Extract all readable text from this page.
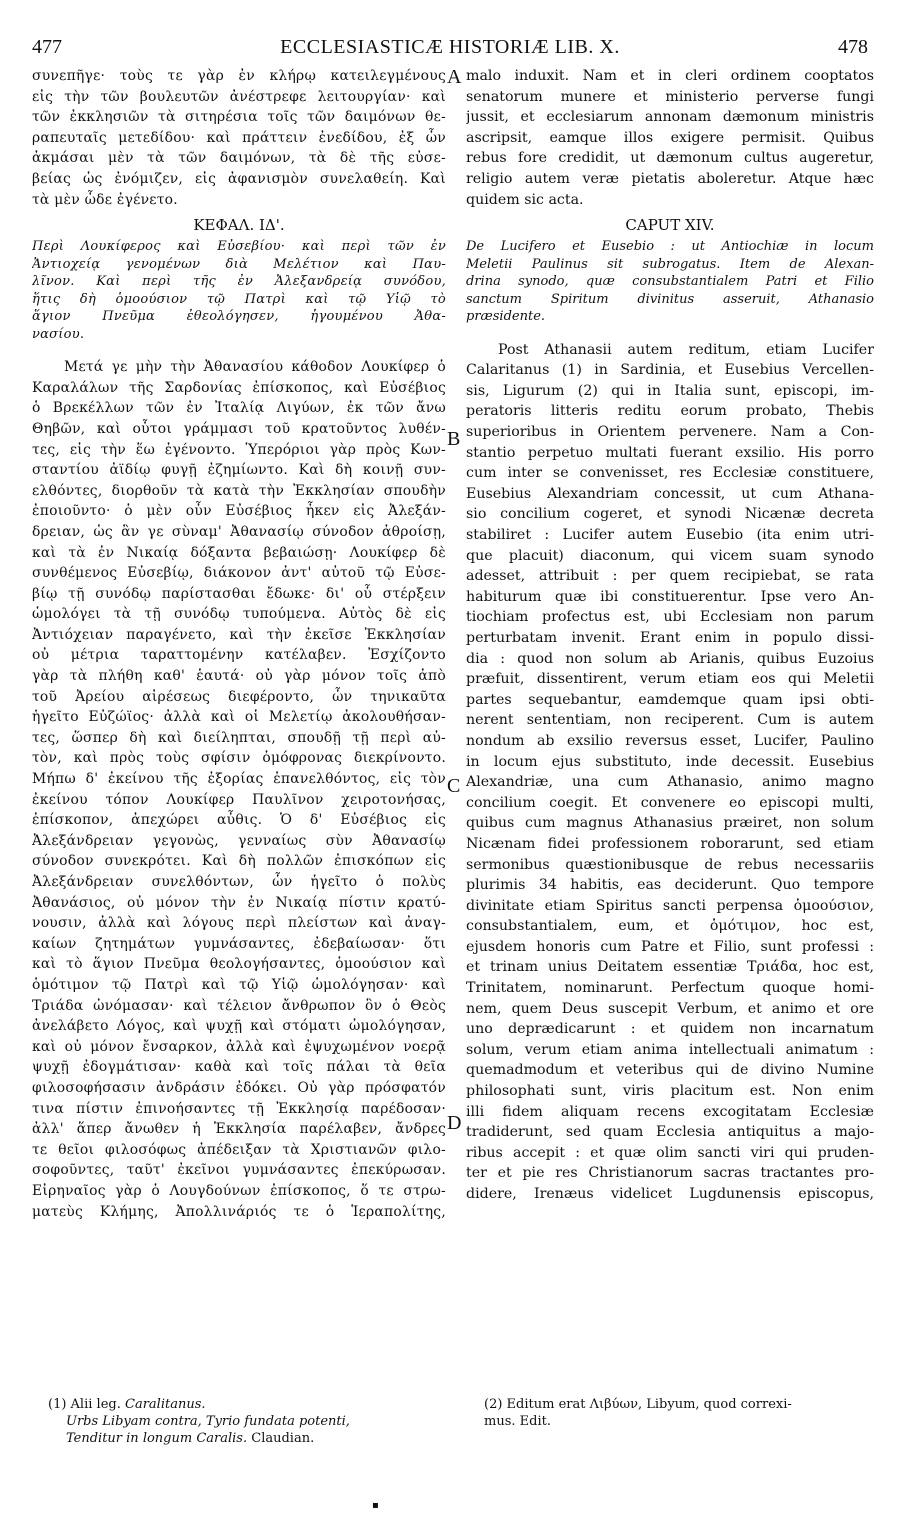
477	ECCLESIASTICÆ HISTORIÆ LIB. X.	478
συνεπῆγε· τοὺς τε γὰρ ἐν κλήρῳ κατειλεγμένους
εἰς τὴν τῶν βουλευτῶν ἀνέστρεφε λειτουργίαν· καὶ
τῶν ἐκκλησιῶν τὰ σιτηρέσια τοῖς τῶν δαιμόνων θε-
ραπευταῖς μετεδίδου· καὶ πράττειν ἐνεδίδου, ἐξ ὧν
ἀκμάσαι μὲν τὰ τῶν δαιμόνων, τὰ δὲ τῆς εὐσε-
βείας ὡς ἐνόμιζεν, εἰς ἀφανισμὸν συνελαθείη. Καὶ
τὰ μὲν ὧδε ἐγένετο.
ΚΕΦΑΛ. ΙΔ'.
Περὶ Λουκίφερος καὶ Εὐσεβίου· καὶ περὶ τῶν ἐν
Ἀντιοχείᾳ γενομένων διὰ Μελέτιον καὶ Παυ-
λῖνον. Καὶ περὶ τῆς ἐν Ἀλεξανδρείᾳ συνόδου,
ἥτις δὴ ὁμοούσιον τῷ Πατρὶ καὶ τῷ Υἱῷ τὸ
ἅγιον Πνεῦμα ἐθεολόγησεν, ἡγουμένου Ἀθα-
νασίου.
Μετά γε μὴν τὴν Ἀθανασίου κάθοδον Λουκίφερ ὁ
Καραλάλων τῆς Σαρδονίας ἐπίσκοπος, καὶ Εὐσέβιος
ὁ Βρεκέλλων τῶν ἐν Ἰταλίᾳ Λιγύων, ἐκ τῶν ἄνω
Θηβῶν, καὶ οὗτοι γράμμασι τοῦ κρατοῦντος λυθέν-
τες, εἰς τὴν ἕω ἐγένοντο. Ὑπερόριοι γὰρ πρὸς Κων-
σταντίου ἀϊδίῳ φυγῇ ἐζημίωντο. Καὶ δὴ κοινῇ συν-
ελθόντες, διορθοῦν τὰ κατὰ τὴν Ἐκκλησίαν σπουδὴν
ἐποιοῦντο· ὁ μὲν οὖν Εὐσέβιος ἧκεν εἰς Ἀλεξάν-
δρειαν, ὡς ἂν γε σὺναμ' Ἀθανασίῳ σύνοδον ἀθροίσῃ,
καὶ τὰ ἐν Νικαίᾳ δόξαντα βεβαιώσῃ· Λουκίφερ δὲ
συνθέμενος Εὐσεβίῳ, διάκονον ἀντ' αὐτοῦ τῷ Εὐσε-
βίῳ τῇ συνόδῳ παρίστασθαι ἔδωκε· δι' οὗ στέρξειν
ὡμολόγει τὰ τῇ συνόδῳ τυπούμενα. Αὐτὸς δὲ εἰς
Ἀντιόχειαν παραγένετο, καὶ τὴν ἐκεῖσε Ἐκκλησίαν
οὐ μέτρια ταραττομένην κατέλαβεν. Ἐσχίζοντο
γὰρ τὰ πλήθη καθ' ἑαυτά· οὐ γὰρ μόνον τοῖς ἀπὸ
τοῦ Ἀρείου αἱρέσεως διεφέροντο, ὧν τηνικαῦτα
ἡγεῖτο Εὐζώϊος· ἀλλὰ καὶ οἱ Μελετίῳ ἀκολουθήσαν-
τες, ὥσπερ δὴ καὶ διείληπται, σπουδῇ τῇ περὶ αὐ-
τὸν, καὶ πρὸς τοὺς σφίσιν ὁμόφρονας διεκρίνοντο.
Μήπω δ' ἐκείνου τῆς ἐξορίας ἐπανελθόντος, εἰς τὸν
ἐκείνου τόπον Λουκίφερ Παυλῖνον χειροτονήσας,
ἐπίσκοπον, ἀπεχώρει αὖθις. Ὁ δ' Εὐσέβιος εἰς
Ἀλεξάνδρειαν γεγονὼς, γενναίως σὺν Ἀθανασίῳ
σύνοδον συνεκρότει. Καὶ δὴ πολλῶν ἐπισκόπων εἰς
Ἀλεξάνδρειαν συνελθόντων, ὧν ἡγεῖτο ὁ πολὺς
Ἀθανάσιος, οὐ μόνον τὴν ἐν Νικαίᾳ πίστιν κρατύ-
νουσιν, ἀλλὰ καὶ λόγους περὶ πλείστων καὶ ἀναγ-
καίων ζητημάτων γυμνάσαντες, ἐδεβαίωσαν· ὅτι
καὶ τὸ ἅγιον Πνεῦμα θεολογήσαντες, ὁμοούσιον καὶ
ὁμότιμον τῷ Πατρὶ καὶ τῷ Υἱῷ ὡμολόγησαν· καὶ
Τριάδα ὠνόμασαν· καὶ τέλειον ἄνθρωπον ὃν ὁ Θεὸς
ἀνελάβετο Λόγος, καὶ ψυχῇ καὶ στόματι ὡμολόγησαν,
καὶ οὐ μόνον ἔνσαρκον, ἀλλὰ καὶ ἐψυχωμένον νοερᾷ
ψυχῇ ἐδογμάτισαν· καθὰ καὶ τοῖς πάλαι τὰ θεῖα
φιλοσοφήσασιν ἀνδράσιν ἐδόκει. Οὐ γὰρ πρόσφατόν
τινα πίστιν ἐπινοήσαντες τῇ Ἐκκλησίᾳ παρέδοσαν·
ἀλλ' ἅπερ ἄνωθεν ἡ Ἐκκλησία παρέλαβεν, ἄνδρες
τε θεῖοι φιλοσόφως ἀπέδειξαν τὰ Χριστιανῶν φιλο-
σοφοῦντες, ταῦτ' ἐκεῖνοι γυμνάσαντες ἐπεκύρωσαν.
Εἰρηναῖος γὰρ ὁ Λουγδούνων ἐπίσκοπος, ὅ τε στρω-
ματεὺς Κλήμης, Ἀπολλινάριός τε ὁ Ἱεραπολίτης,
malo induxit. Nam et in cleri ordinem cooptatos
senatorum munere et ministerio perverse fungi
jussit, et ecclesiarum annonam dæmonum ministris
ascripsit, eamque illos exigere permisit. Quibus
rebus fore credidit, ut dæmonum cultus augeretur,
religio autem veræ pietatis aboleretur. Atque hæc
quidem sic acta.
CAPUT XIV.
De Lucifero et Eusebio : ut Antiochiæ in locum
Meletii Paulinus sit subrogatus. Item de Alexan-
drina synodo, quæ consubstantialem Patri et Filio
sanctum Spiritum divinitus asseruit, Athanasio
præsidente.
Post Athanasii autem reditum, etiam Lucifer
Calaritanus (1) in Sardinia, et Eusebius Vercellen-
sis, Ligurum (2) qui in Italia sunt, episcopi, im-
peratoris litteris reditu eorum probato, Thebis
superioribus in Orientem pervenere. Nam a Con-
stantio perpetuo multati fuerant exsilio. His porro
cum inter se convenisset, res Ecclesiæ constituere,
Eusebius Alexandriam concessit, ut cum Athana-
sio concilium cogeret, et synodi Nicænæ decreta
stabiliret : Lucifer autem Eusebio (ita enim utri-
que placuit) diaconum, qui vicem suam synodo
adesset, attribuit : per quem recipiebat, se rata
habiturum quæ ibi constituerentur. Ipse vero An-
tiochiam profectus est, ubi Ecclesiam non parum
perturbatam invenit. Erant enim in populo dissi-
dia : quod non solum ab Arianis, quibus Euzoius
præfuit, dissentirent, verum etiam eos qui Meletii
partes sequebantur, eamdemque quam ipsi obti-
nerent sententiam, non reciperent. Cum is autem
nondum ab exsilio reversus esset, Lucifer, Paulino
in locum ejus substituto, inde decessit. Eusebius
Alexandriæ, una cum Athanasio, animo magno
concilium coegit. Et convenere eo episcopi multi,
quibus cum magnus Athanasius præiret, non solum
Nicænam fidei professionem roborarunt, sed etiam
sermonibus quæstionibusque de rebus necessariis
plurimis 34 habitis, eas deciderunt. Quo tempore
divinitate etiam Spiritus sancti perpensa ὁμοούσιον,
consubstantialem, eum, et ὁμότιμον, hoc est,
ejusdem honoris cum Patre et Filio, sunt professi :
et trinam unius Deitatem essentiæ Τριάδα, hoc est,
Trinitatem, nominarunt. Perfectum quoque homi-
nem, quem Deus suscepit Verbum, et animo et ore
uno deprædicarunt : et quidem non incarnatum
solum, verum etiam anima intellectuali animatum :
quemadmodum et veteribus qui de divino Numine
philosophati sunt, viris placitum est. Non enim
illi fidem aliquam recens excogitatam Ecclesiæ
tradiderunt, sed quam Ecclesia antiquitus a majo-
ribus accepit : et quæ olim sancti viri qui pruden-
ter et pie res Christianorum sacras tractantes pro-
didere, Irenæus videlicet Lugdunensis episcopus,
A
B
C
D
(1) Alii leg. Caralitanus.
Urbs Libyam contra, Tyrio fundata potenti,
Tenditur in longum Caralis. Claudian.
(2) Editum erat Λιβύων, Libyum, quod correxi-
mus. Edit.
▪
